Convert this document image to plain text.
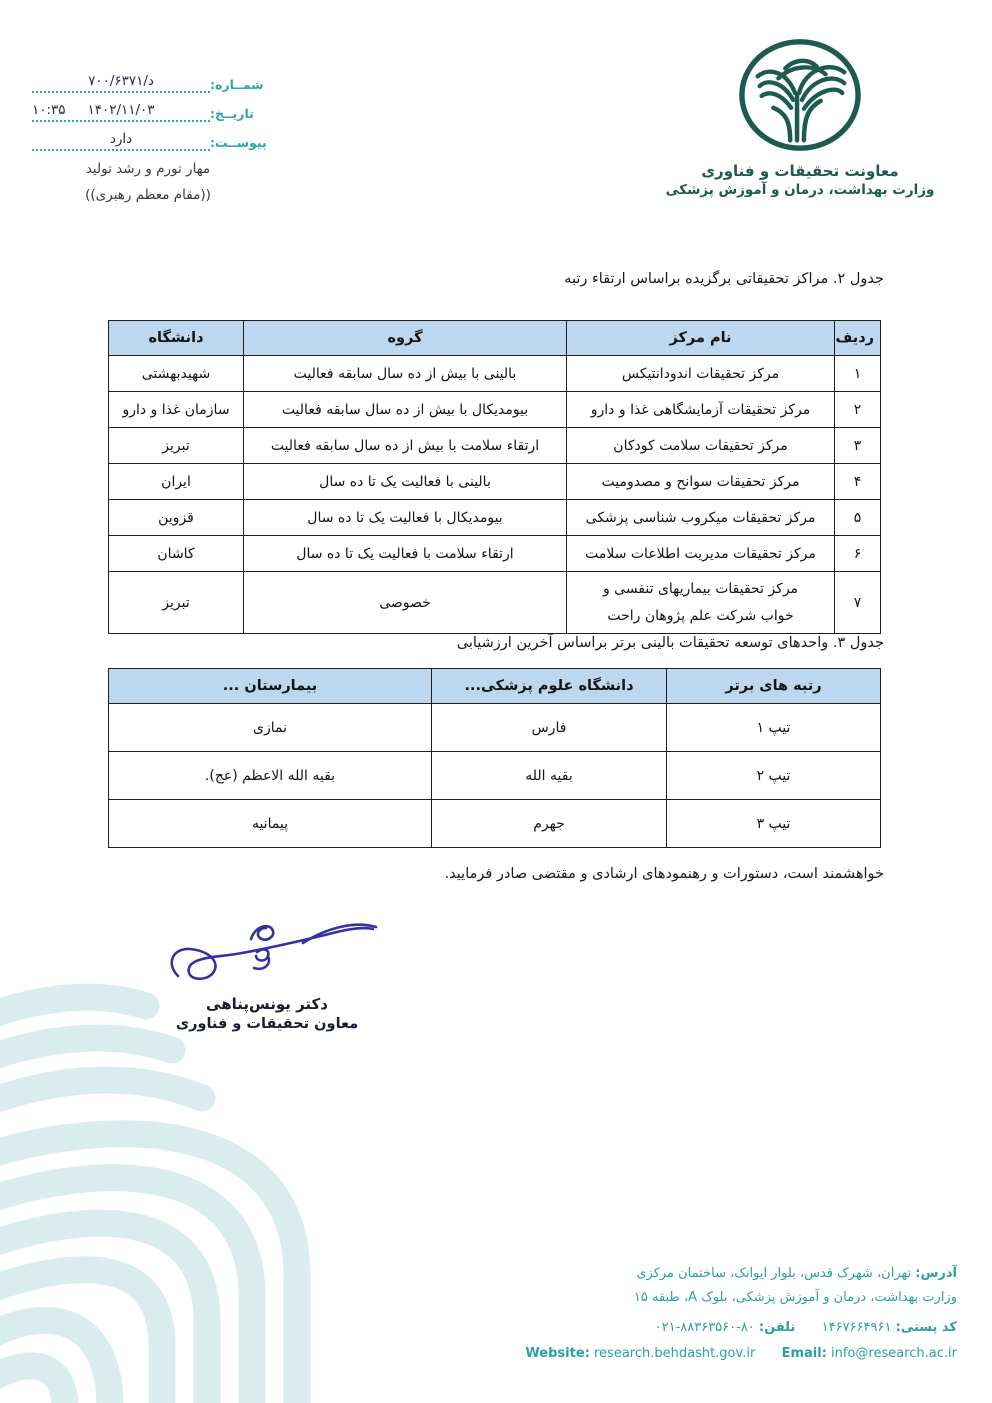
شمــاره:
د/۷۰۰/۶۳۷۱
تاریــخ:
۱۴۰۲/۱۱/۰۳
۱۰:۳۵
پیوســت:
دارد
مهار تورم و رشد تولید
((مقام معظم رهبری))
معاونت تحقیقات و فناوری
وزارت بهداشت، درمان و آموزش پزشکی
جدول ۲. مراکز تحقیقاتی برگزیده براساس ارتقاء رتبه
ردیف	نام مرکز	گروه	دانشگاه
۱	مرکز تحقیقات اندودانتیکس	بالینی با بیش از ده سال سابقه فعالیت	شهیدبهشتی
۲	مرکز تحقیقات آزمایشگاهی غذا و دارو	بیومدیکال با بیش از ده سال سابقه فعالیت	سازمان غذا و دارو
۳	مرکز تحقیقات سلامت کودکان	ارتقاء سلامت با بیش از ده سال سابقه فعالیت	تبریز
۴	مرکز تحقیقات سوانح و مصدومیت	بالینی با فعالیت یک تا ده سال	ایران
۵	مرکز تحقیقات میکروب شناسی پزشکی	بیومدیکال با فعالیت یک تا ده سال	قزوین
۶	مرکز تحقیقات مدیریت اطلاعات سلامت	ارتقاء سلامت با فعالیت یک تا ده سال	کاشان
۷	مرکز تحقیقات بیماریهای تنفسی و خواب شرکت علم پژوهان راحت	خصوصی	تبریز
جدول ۳. واحدهای توسعه تحقیقات بالینی برتر براساس آخرین ارزشیابی
رتبه های برتر	دانشگاه علوم پزشکی...	بیمارستان ...
تیپ ۱	فارس	نمازی
تیپ ۲	بقیه الله	بقیه الله الاعظم (عج).
تیپ ۳	جهرم	پیمانیه
خواهشمند است، دستورات و رهنمودهای ارشادی و مقتضی صادر فرمایید.
دکتر یونس‌پناهی
معاون تحقیقات و فناوری
آدرس: تهران، شهرک قدس، بلوار ایوانک، ساختمان مرکزی
وزارت بهداشت، درمان و آموزش پزشکی، بلوک A، طبقه ۱۵
کد پستی: ۱۴۶۷۶۶۴۹۶۱  تلفن: ۰۲۱-۸۸۳۶۳۵۶۰-۸۰
Website: research.behdasht.gov.ir Email: info@research.ac.ir
